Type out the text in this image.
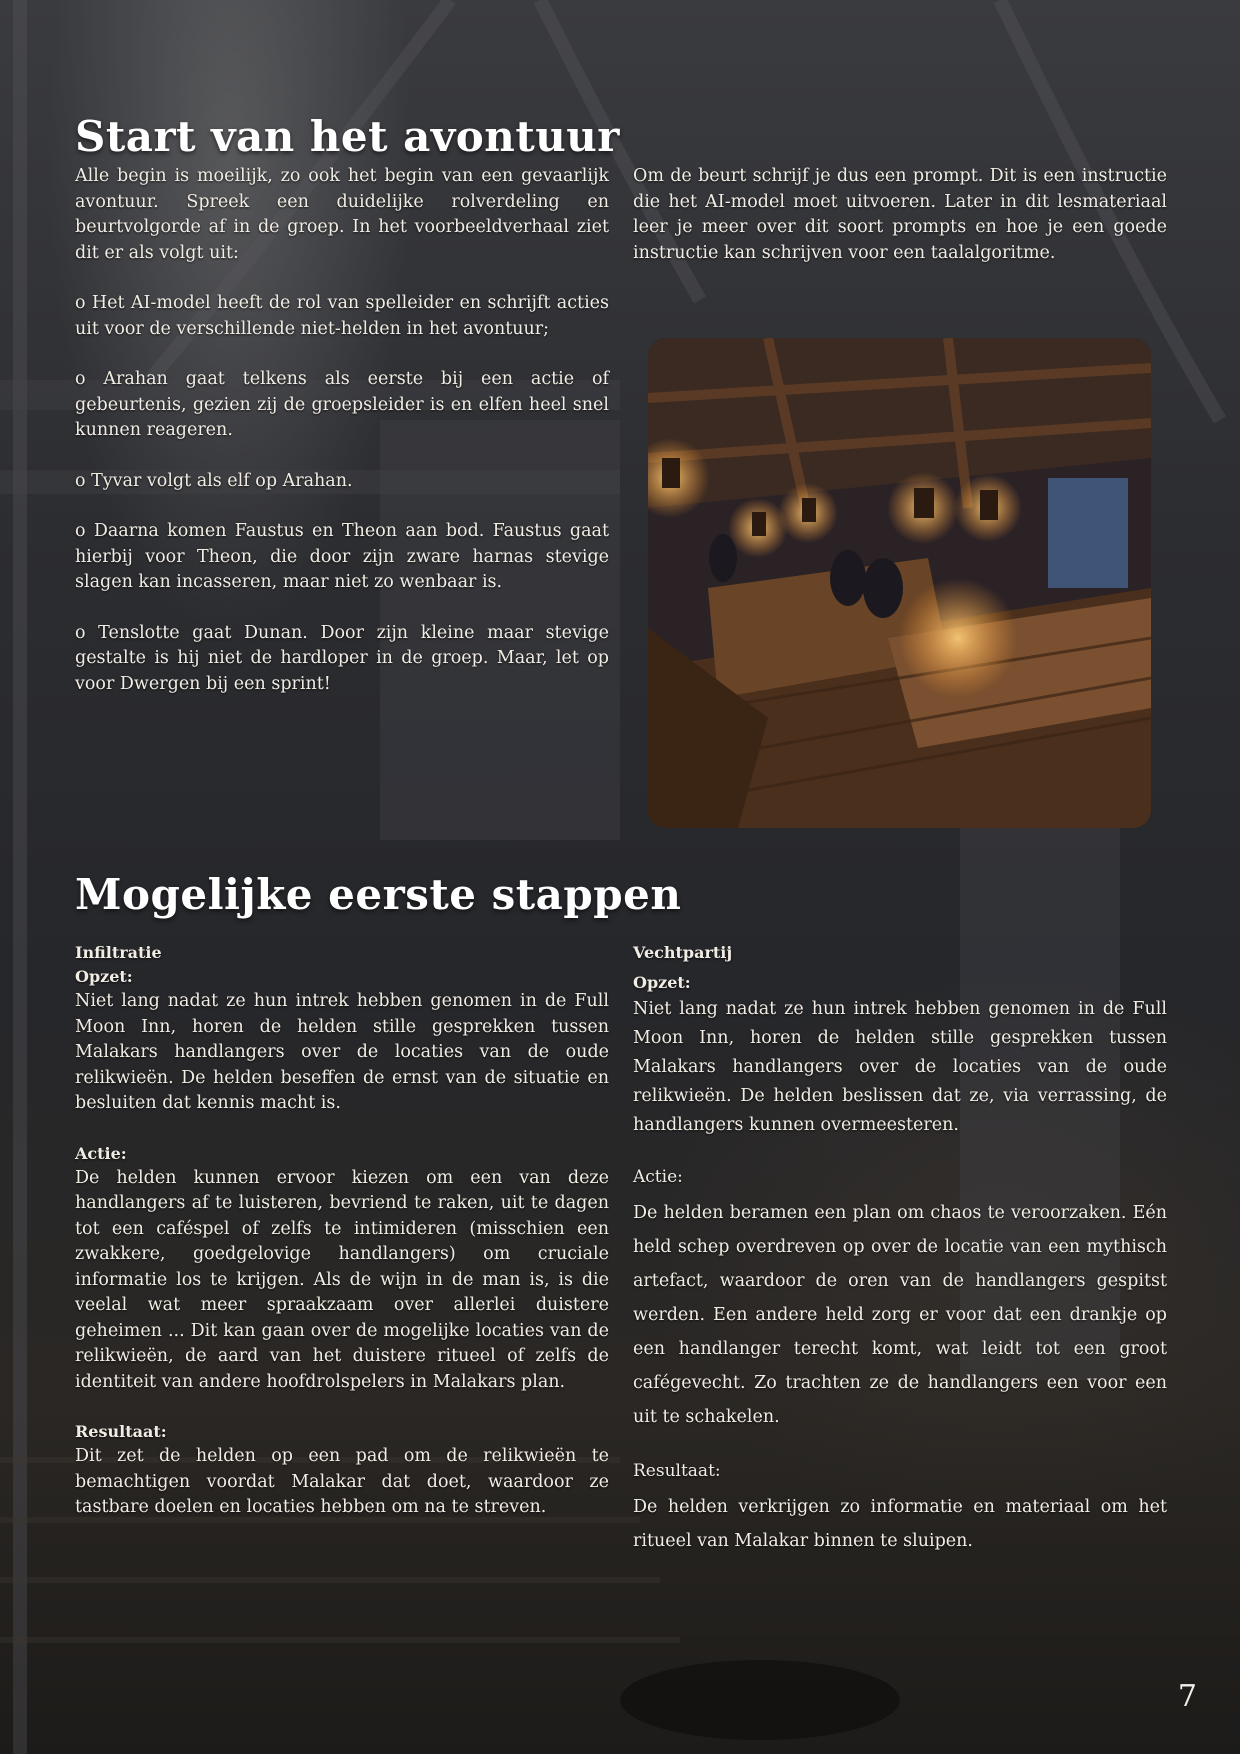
Start van het avontuur

Alle begin is moeilijk, zo ook het begin van een gevaarlijk avontuur. Spreek een duidelijke rolverdeling en beurtvolgorde af in de groep. In het voorbeeldverhaal ziet dit er als volgt uit:

o Het AI-model heeft de rol van spelleider en schrijft acties uit voor de verschillende niet-helden in het avontuur;

o Arahan gaat telkens als eerste bij een actie of gebeurtenis, gezien zij de groepsleider is en elfen heel snel kunnen reageren.

o Tyvar volgt als elf op Arahan.

o Daarna komen Faustus en Theon aan bod. Faustus gaat hierbij voor Theon, die door zijn zware harnas stevige slagen kan incasseren, maar niet zo wenbaar is.

o Tenslotte gaat Dunan. Door zijn kleine maar stevige gestalte is hij niet de hardloper in de groep. Maar, let op voor Dwergen bij een sprint!

Om de beurt schrijf je dus een prompt. Dit is een instructie die het AI-model moet uitvoeren. Later in dit lesmateriaal leer je meer over dit soort prompts en hoe je een goede instructie kan schrijven voor een taalalgoritme.

Mogelijke eerste stappen
Infiltratie
Opzet:

Niet lang nadat ze hun intrek hebben genomen in de Full Moon Inn, horen de helden stille gesprekken tussen Malakars handlangers over de locaties van de oude relikwieën. De helden beseffen de ernst van de situatie en besluiten dat kennis macht is.

Actie:

De helden kunnen ervoor kiezen om een van deze handlangers af te luisteren, bevriend te raken, uit te dagen tot een caféspel of zelfs te intimideren (misschien een zwakkere, goedgelovige handlangers) om cruciale informatie los te krijgen. Als de wijn in de man is, is die veelal wat meer spraakzaam over allerlei duistere geheimen ... Dit kan gaan over de mogelijke locaties van de relikwieën, de aard van het duistere ritueel of zelfs de identiteit van andere hoofdrolspelers in Malakars plan.

Resultaat:

Dit zet de helden op een pad om de relikwieën te bemachtigen voordat Malakar dat doet, waardoor ze tastbare doelen en locaties hebben om na te streven.

Vechtpartij
Opzet:

Niet lang nadat ze hun intrek hebben genomen in de Full Moon Inn, horen de helden stille gesprekken tussen Malakars handlangers over de locaties van de oude relikwieën. De helden beslissen dat ze, via verrassing, de handlangers kunnen overmeesteren.

Actie:

De helden beramen een plan om chaos te veroorzaken. Eén held schep overdreven op over de locatie van een mythisch artefact, waardoor de oren van de handlangers gespitst werden. Een andere held zorg er voor dat een drankje op een handlanger terecht komt, wat leidt tot een groot cafégevecht. Zo trachten ze de handlangers een voor een uit te schakelen.

Resultaat:

De helden verkrijgen zo informatie en materiaal om het ritueel van Malakar binnen te sluipen.

7
